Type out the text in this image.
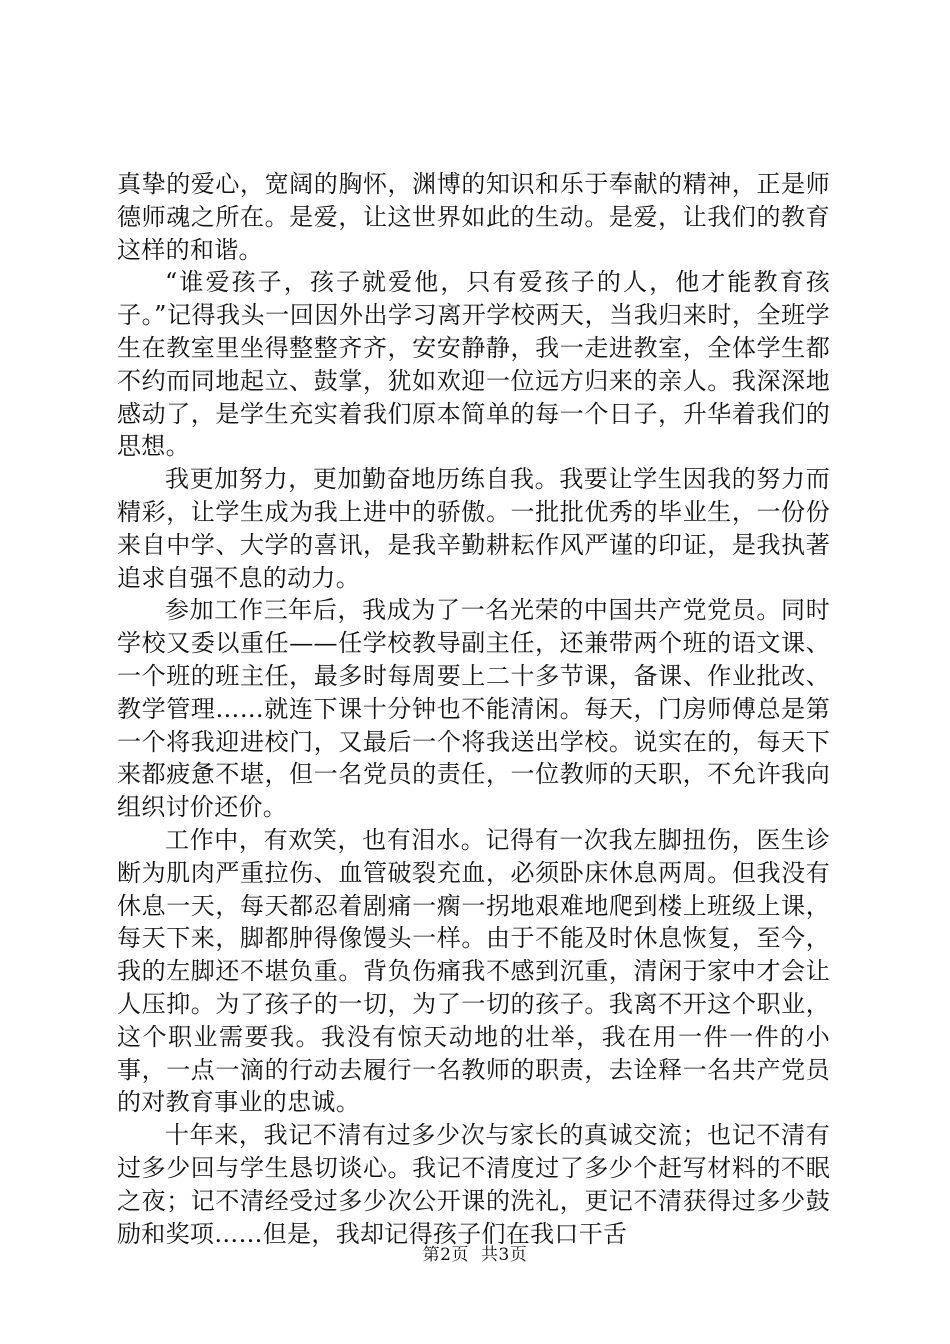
真挚的爱心，宽阔的胸怀，渊博的知识和乐于奉献的精神，正是师德师魂之所在。是爱，让这世界如此的生动。是爱，让我们的教育这样的和谐。

“谁爱孩子，孩子就爱他，只有爱孩子的人，他才能教育孩子。”记得我头一回因外出学习离开学校两天，当我归来时，全班学生在教室里坐得整整齐齐，安安静静，我一走进教室，全体学生都不约而同地起立、鼓掌，犹如欢迎一位远方归来的亲人。我深深地感动了，是学生充实着我们原本简单的每一个日子，升华着我们的思想。

我更加努力，更加勤奋地历练自我。我要让学生因我的努力而精彩，让学生成为我上进中的骄傲。一批批优秀的毕业生，一份份来自中学、大学的喜讯，是我辛勤耕耘作风严谨的印证，是我执著追求自强不息的动力。

参加工作三年后，我成为了一名光荣的中国共产党党员。同时学校又委以重任——任学校教导副主任，还兼带两个班的语文课、一个班的班主任，最多时每周要上二十多节课，备课、作业批改、教学管理……就连下课十分钟也不能清闲。每天，门房师傅总是第一个将我迎进校门，又最后一个将我送出学校。说实在的，每天下来都疲惫不堪，但一名党员的责任，一位教师的天职，不允许我向组织讨价还价。

工作中，有欢笑，也有泪水。记得有一次我左脚扭伤，医生诊断为肌肉严重拉伤、血管破裂充血，必须卧床休息两周。但我没有休息一天，每天都忍着剧痛一瘸一拐地艰难地爬到楼上班级上课，每天下来，脚都肿得像馒头一样。由于不能及时休息恢复，至今，我的左脚还不堪负重。背负伤痛我不感到沉重，清闲于家中才会让人压抑。为了孩子的一切，为了一切的孩子。我离不开这个职业，这个职业需要我。我没有惊天动地的壮举，我在用一件一件的小事，一点一滴的行动去履行一名教师的职责，去诠释一名共产党员的对教育事业的忠诚。

十年来，我记不清有过多少次与家长的真诚交流；也记不清有过多少回与学生恳切谈心。我记不清度过了多少个赶写材料的不眠之夜；记不清经受过多少次公开课的洗礼，更记不清获得过多少鼓励和奖项……但是，我却记得孩子们在我口干舌

第2页 共3页
